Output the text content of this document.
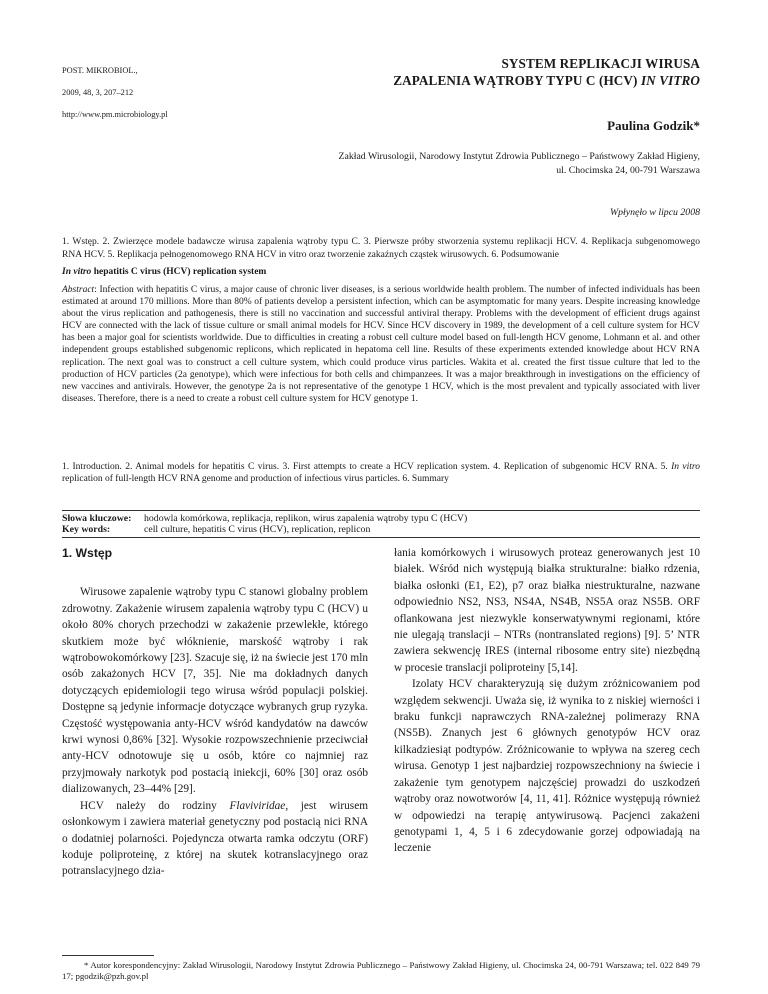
POST. MIKROBIOL.,

2009, 48, 3, 207–212

http://www.pm.microbiology.pl

SYSTEM REPLIKACJI WIRUSA
ZAPALENIA WĄTROBY TYPU C (HCV) IN VITRO
Paulina Godzik*
Zakład Wirusologii, Narodowy Instytut Zdrowia Publicznego – Państwowy Zakład Higieny,
ul. Chocimska 24, 00-791 Warszawa
Wpłynęło w lipcu 2008
1. Wstęp. 2. Zwierzęce modele badawcze wirusa zapalenia wątroby typu C. 3. Pierwsze próby stworzenia systemu replikacji HCV. 4. Replikacja subgenomowego RNA HCV. 5. Replikacja pełnogenomowego RNA HCV in vitro oraz tworzenie zakaźnych cząstek wirusowych. 6. Podsumowanie
In vitro hepatitis C virus (HCV) replication system
Abstract: Infection with hepatitis C virus, a major cause of chronic liver diseases, is a serious worldwide health problem. The number of infected individuals has been estimated at around 170 millions. More than 80% of patients develop a persistent infection, which can be asymptomatic for many years. Despite increasing knowledge about the virus replication and pathogenesis, there is still no vaccination and successful antiviral therapy. Problems with the development of efficient drugs against HCV are connected with the lack of tissue culture or small animal models for HCV. Since HCV discovery in 1989, the development of a cell culture system for HCV has been a major goal for scientists worldwide. Due to difficulties in creating a robust cell culture model based on full-length HCV genome, Lohmann et al. and other independent groups established subgenomic replicons, which replicated in hepatoma cell line. Results of these experiments extended knowledge about HCV RNA replication. The next goal was to construct a cell culture system, which could produce virus particles. Wakita et al. created the first tissue culture that led to the production of HCV particles (2a genotype), which were infectious for both cells and chimpanzees. It was a major breakthrough in investigations on the efficiency of new vaccines and antivirals. However, the genotype 2a is not representative of the genotype 1 HCV, which is the most prevalent and typically associated with liver diseases. Therefore, there is a need to create a robust cell culture system for HCV genotype 1.
1. Introduction. 2. Animal models for hepatitis C virus. 3. First attempts to create a HCV replication system. 4. Replication of subgenomic HCV RNA. 5. In vitro replication of full-length HCV RNA genome and production of infectious virus particles. 6. Summary
Słowa kluczowe: hodowla komórkowa, replikacja, replikon, wirus zapalenia wątroby typu C (HCV)
Key words:	cell culture, hepatitis C virus (HCV), replication, replicon
1. Wstęp

Wirusowe zapalenie wątroby typu C stanowi globalny problem zdrowotny. Zakażenie wirusem zapalenia wątroby typu C (HCV) u około 80% chorych przechodzi w zakażenie przewlekłe, którego skutkiem może być włóknienie, marskość wątroby i rak wątrobowokomórkowy [23]. Szacuje się, iż na świecie jest 170 mln osób zakażonych HCV [7, 35]. Nie ma dokładnych danych dotyczących epidemiologii tego wirusa wśród populacji polskiej. Dostępne są jedynie informacje dotyczące wybranych grup ryzyka. Częstość występowania anty-HCV wśród kandydatów na dawców krwi wynosi 0,86% [32]. Wysokie rozpowszechnienie przeciwciał anty-HCV odnotowuje się u osób, które co najmniej raz przyjmowały narkotyk pod postacią iniekcji, 60% [30] oraz osób dializowanych, 23–44% [29].

HCV należy do rodziny Flaviviridae, jest wirusem osłonkowym i zawiera materiał genetyczny pod postacią nici RNA o dodatniej polarności. Pojedyncza otwarta ramka odczytu (ORF) koduje poliproteinę, z której na skutek kotranslacyjnego oraz potranslacyjnego dzia-

łania komórkowych i wirusowych proteaz generowanych jest 10 białek. Wśród nich występują białka strukturalne: białko rdzenia, białka osłonki (E1, E2), p7 oraz białka niestrukturalne, nazwane odpowiednio NS2, NS3, NS4A, NS4B, NS5A oraz NS5B. ORF oflankowana jest niezwykle konserwatywnymi regionami, które nie ulegają translacji – NTRs (nontranslated regions) [9]. 5’ NTR zawiera sekwencję IRES (internal ribosome entry site) niezbędną w procesie translacji poliproteiny [5,14].

Izolaty HCV charakteryzują się dużym zróżnicowaniem pod względem sekwencji. Uważa się, iż wynika to z niskiej wierności i braku funkcji naprawczych RNA-zależnej polimerazy RNA (NS5B). Znanych jest 6 głównych genotypów HCV oraz kilkadziesiąt podtypów. Zróżnicowanie to wpływa na szereg cech wirusa. Genotyp 1 jest najbardziej rozpowszechniony na świecie i zakażenie tym genotypem najczęściej prowadzi do uszkodzeń wątroby oraz nowotworów [4, 11, 41]. Różnice występują również w odpowiedzi na terapię antywirusową. Pacjenci zakażeni genotypami 1, 4, 5 i 6 zdecydowanie gorzej odpowiadają na leczenie

* Autor korespondencyjny: Zakład Wirusologii, Narodowy Instytut Zdrowia Publicznego – Państwowy Zakład Higieny, ul. Chocimska 24, 00-791 Warszawa; tel. 022 849 79 17; pgodzik@pzh.gov.pl
